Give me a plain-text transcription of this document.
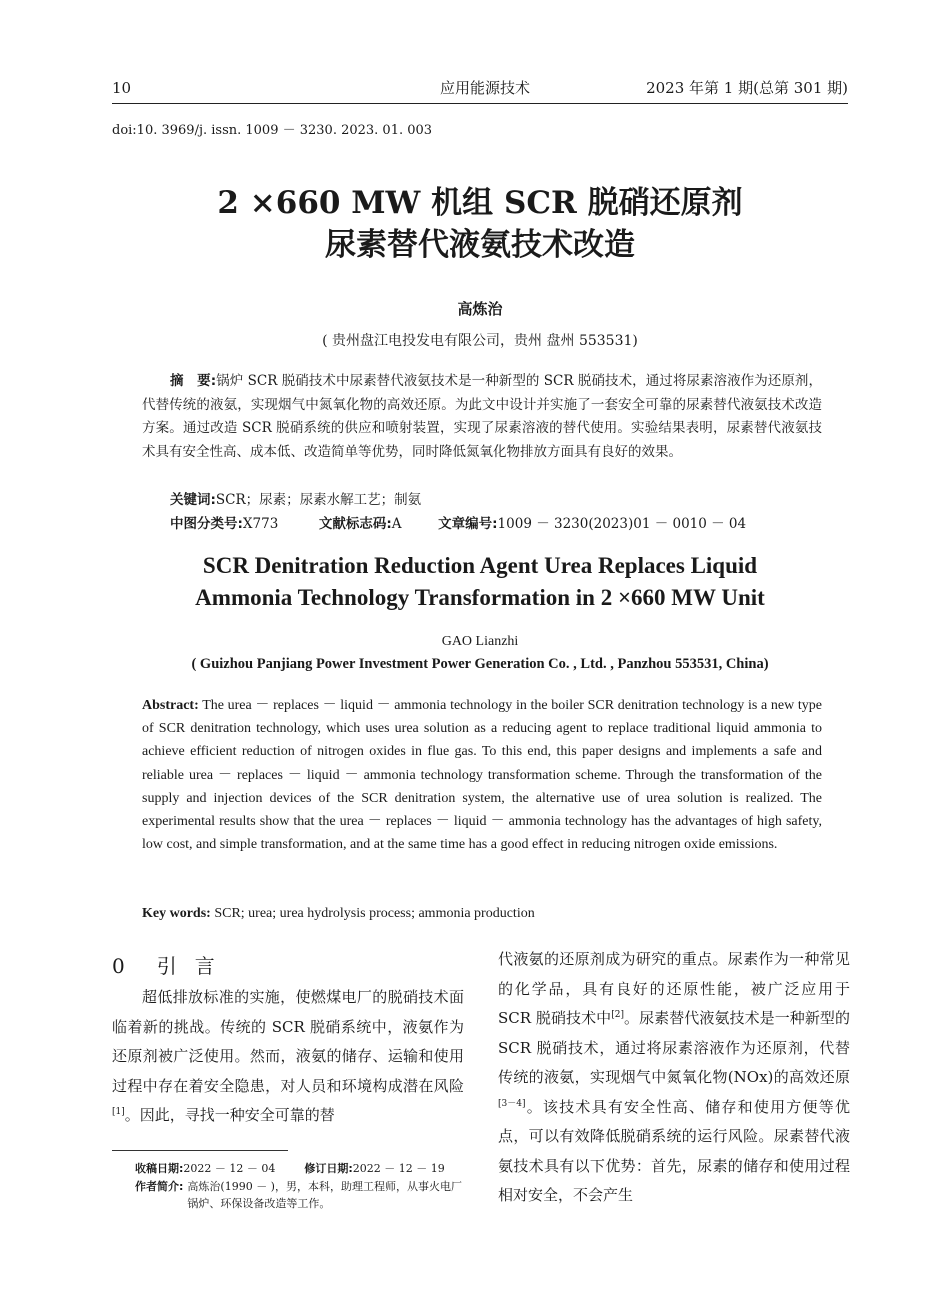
10	应用能源技术	2023 年第 1 期(总第 301 期)
doi:10. 3969/j. issn. 1009 － 3230. 2023. 01. 003
2 ×660 MW 机组 SCR 脱硝还原剂
尿素替代液氨技术改造
高炼治
( 贵州盘江电投发电有限公司，贵州 盘州 553531)
摘　要:锅炉 SCR 脱硝技术中尿素替代液氨技术是一种新型的 SCR 脱硝技术，通过将尿素溶液作为还原剂，代替传统的液氨，实现烟气中氮氧化物的高效还原。为此文中设计并实施了一套安全可靠的尿素替代液氨技术改造方案。通过改造 SCR 脱硝系统的供应和喷射装置，实现了尿素溶液的替代使用。实验结果表明，尿素替代液氨技术具有安全性高、成本低、改造简单等优势，同时降低氮氧化物排放方面具有良好的效果。
关键词:SCR；尿素；尿素水解工艺；制氨
中图分类号:X773	文献标志码:A	文章编号:1009 － 3230(2023)01 － 0010 － 04
SCR Denitration Reduction Agent Urea Replaces Liquid
Ammonia Technology Transformation in 2 ×660 MW Unit
GAO Lianzhi
( Guizhou Panjiang Power Investment Power Generation Co. , Ltd. , Panzhou 553531, China)
Abstract: The urea － replaces － liquid － ammonia technology in the boiler SCR denitration technology is a new type of SCR denitration technology, which uses urea solution as a reducing agent to replace traditional liquid ammonia to achieve efficient reduction of nitrogen oxides in flue gas. To this end, this paper designs and implements a safe and reliable urea － replaces － liquid － ammonia technology transformation scheme. Through the transformation of the supply and injection devices of the SCR denitration system, the alternative use of urea solution is realized. The experimental results show that the urea － replaces － liquid － ammonia technology has the advantages of high safety, low cost, and simple transformation, and at the same time has a good effect in reducing nitrogen oxide emissions.
Key words: SCR; urea; urea hydrolysis process; ammonia production
0 引言
超低排放标准的实施，使燃煤电厂的脱硝技术面临着新的挑战。传统的 SCR 脱硝系统中，液氨作为还原剂被广泛使用。然而，液氨的储存、运输和使用过程中存在着安全隐患，对人员和环境构成潜在风险[1]。因此，寻找一种安全可靠的替
收稿日期:2022 － 12 － 04	修订日期:2022 － 12 － 19
作者简介: 高炼治(1990 － )，男，本科，助理工程师，从事火电厂锅炉、环保设备改造等工作。
代液氨的还原剂成为研究的重点。尿素作为一种常见的化学品，具有良好的还原性能，被广泛应用于 SCR 脱硝技术中[2]。尿素替代液氨技术是一种新型的 SCR 脱硝技术，通过将尿素溶液作为还原剂，代替传统的液氨，实现烟气中氮氧化物(NOx)的高效还原[3－4]。该技术具有安全性高、储存和使用方便等优点，可以有效降低脱硝系统的运行风险。尿素替代液氨技术具有以下优势：首先，尿素的储存和使用过程相对安全，不会产生
